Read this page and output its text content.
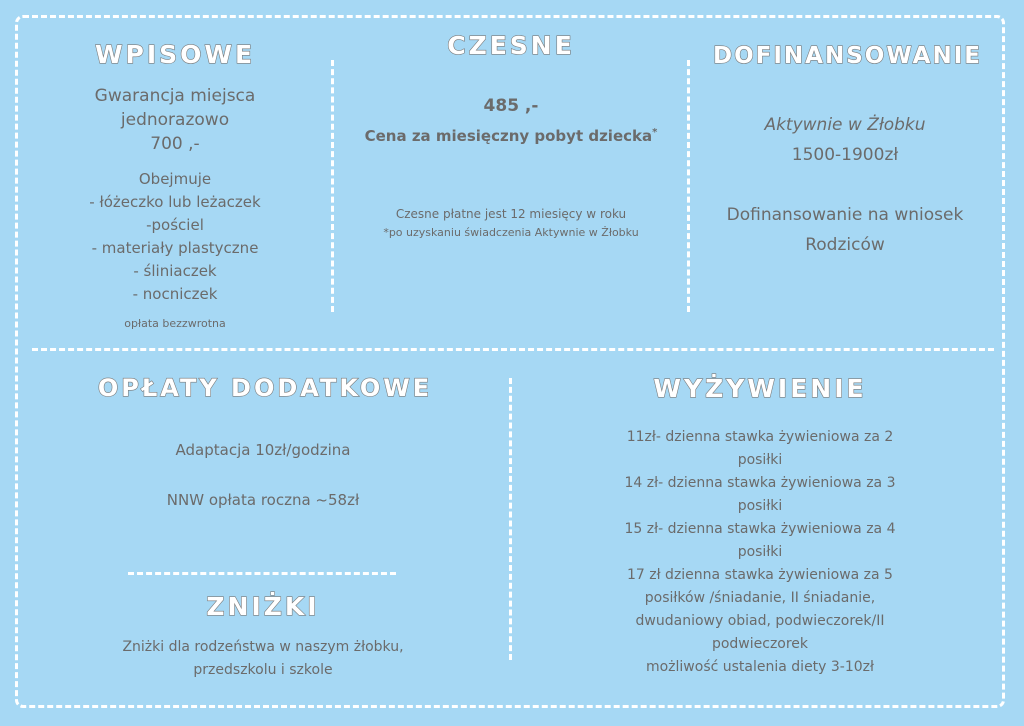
WPISOWE
Gwarancja miejsca
jednorazowo
700 ,-
Obejmuje
- łóżeczko lub leżaczek
-pościel
- materiały plastyczne
- śliniaczek
- nocniczek
opłata bezzwrotna
CZESNE
485 ,-
Cena za miesięczny pobyt dziecka*
Czesne płatne jest 12 miesięcy w roku
*po uzyskaniu świadczenia Aktywnie w Żłobku
DOFINANSOWANIE
Aktywnie w Żłobku
1500-1900zł
Dofinansowanie na wniosek
Rodziców
OPŁATY DODATKOWE
Adaptacja 10zł/godzina
NNW opłata roczna ~58zł
ZNIŻKI
Zniżki dla rodzeństwa w naszym żłobku,
przedszkolu i szkole
WYŻYWIENIE
11zł- dzienna stawka żywieniowa za 2
posiłki
14 zł- dzienna stawka żywieniowa za 3
posiłki
15 zł- dzienna stawka żywieniowa za 4
posiłki
17 zł dzienna stawka żywieniowa za 5
posiłków /śniadanie, II śniadanie,
dwudaniowy obiad, podwieczorek/II
podwieczorek
możliwość ustalenia diety 3-10zł
